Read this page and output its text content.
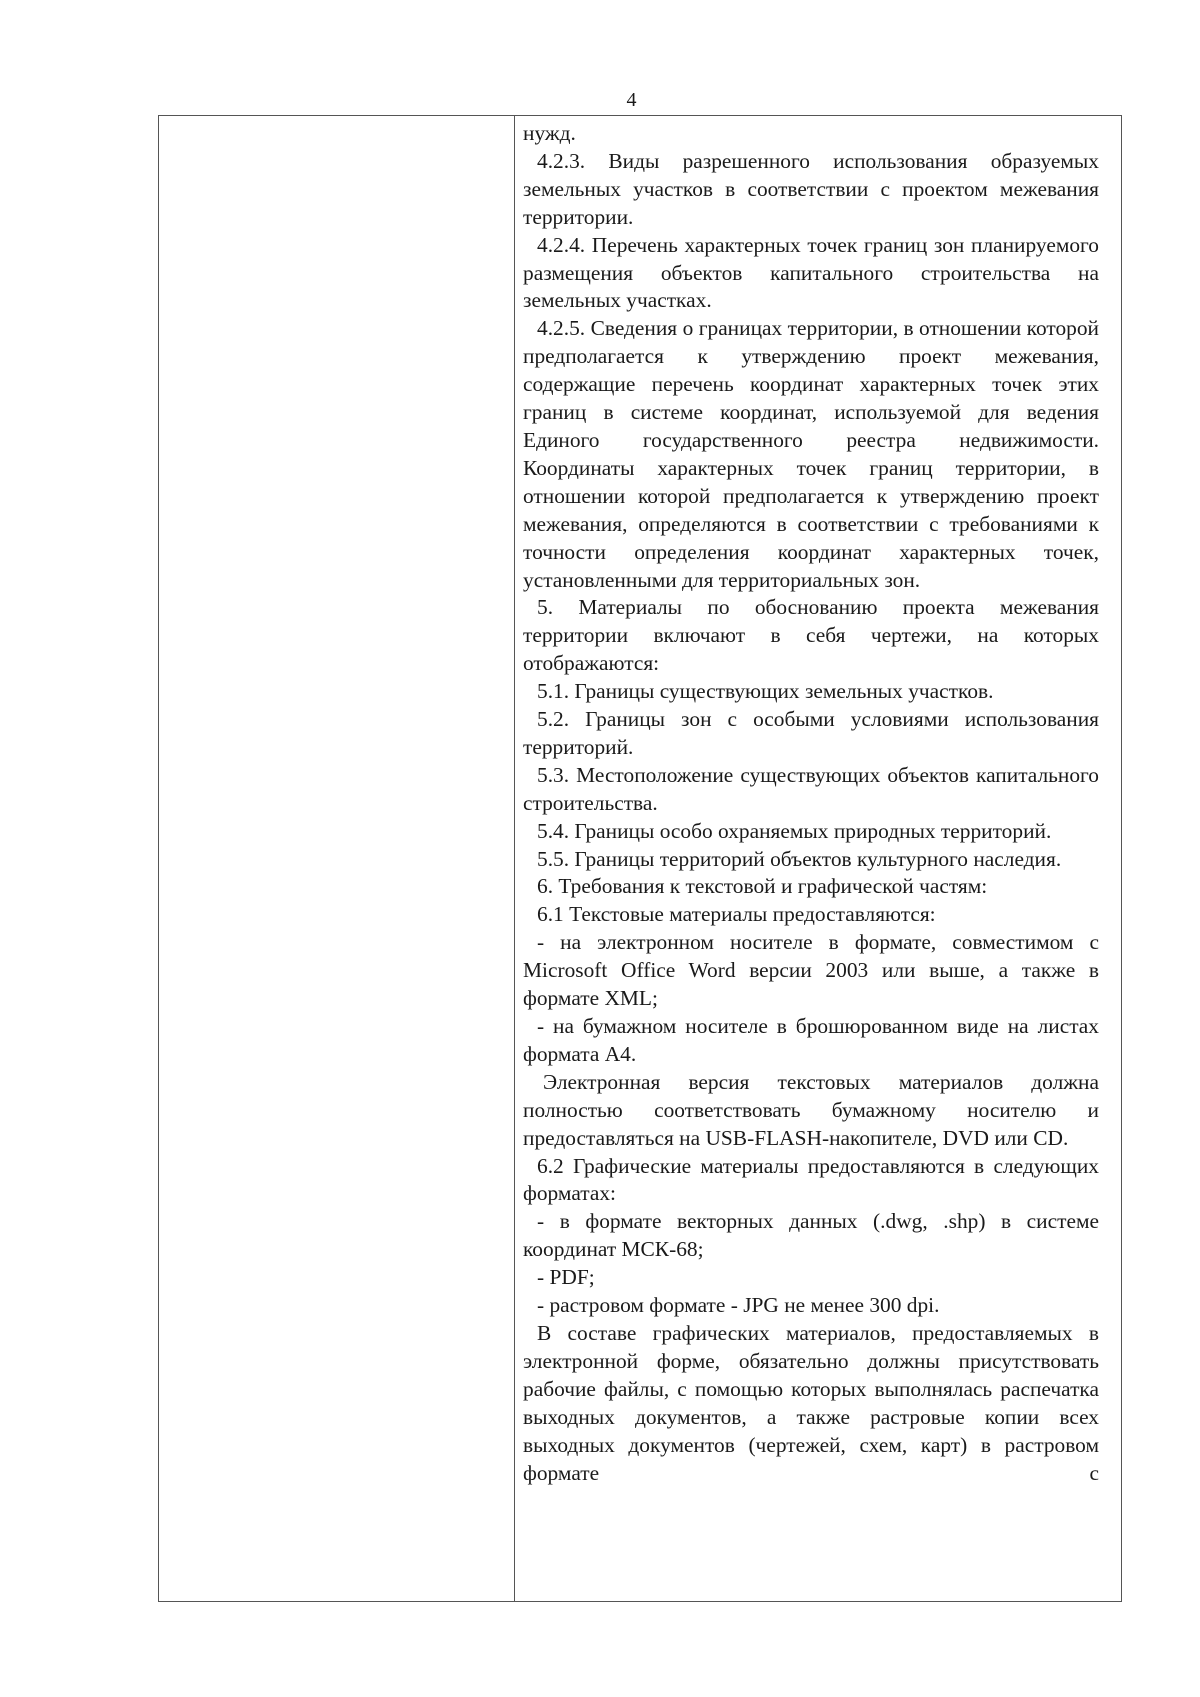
4

нужд.

4.2.3. Виды разрешенного использования образуемых земельных участков в соответствии с проектом межевания территории.

4.2.4. Перечень характерных точек границ зон планируемого размещения объектов капитального строительства на земельных участках.

4.2.5. Сведения о границах территории, в отношении которой предполагается к утверждению проект межевания, содержащие перечень координат характерных точек этих границ в системе координат, используемой для ведения Единого государственного реестра недвижимости. Координаты характерных точек границ территории, в отношении которой предполагается к утверждению проект межевания, определяются в соответствии с требованиями к точности определения координат характерных точек, установленными для территориальных зон.

5. Материалы по обоснованию проекта межевания территории включают в себя чертежи, на которых отображаются:

5.1. Границы существующих земельных участков.

5.2. Границы зон с особыми условиями использования территорий.

5.3. Местоположение существующих объектов капитального строительства.

5.4. Границы особо охраняемых природных территорий.

5.5. Границы территорий объектов культурного наследия.

6. Требования к текстовой и графической частям:

6.1 Текстовые материалы предоставляются:

- на электронном носителе в формате, совместимом с Microsoft Office Word версии 2003 или выше, а также в формате XML;

- на бумажном носителе в брошюрованном виде на листах формата А4.

Электронная версия текстовых материалов должна полностью соответствовать бумажному носителю и предоставляться на USB-FLASH-накопителе, DVD или CD.

6.2 Графические материалы предоставляются в следующих форматах:

- в формате векторных данных (.dwg, .shp) в системе координат МСК-68;

- PDF;

- растровом формате - JPG не менее 300 dpi.

В составе графических материалов, предоставляемых в электронной форме, обязательно должны присутствовать рабочие файлы, с помощью которых выполнялась распечатка выходных документов, а также растровые копии всех выходных документов (чертежей, схем, карт) в растровом формате с
